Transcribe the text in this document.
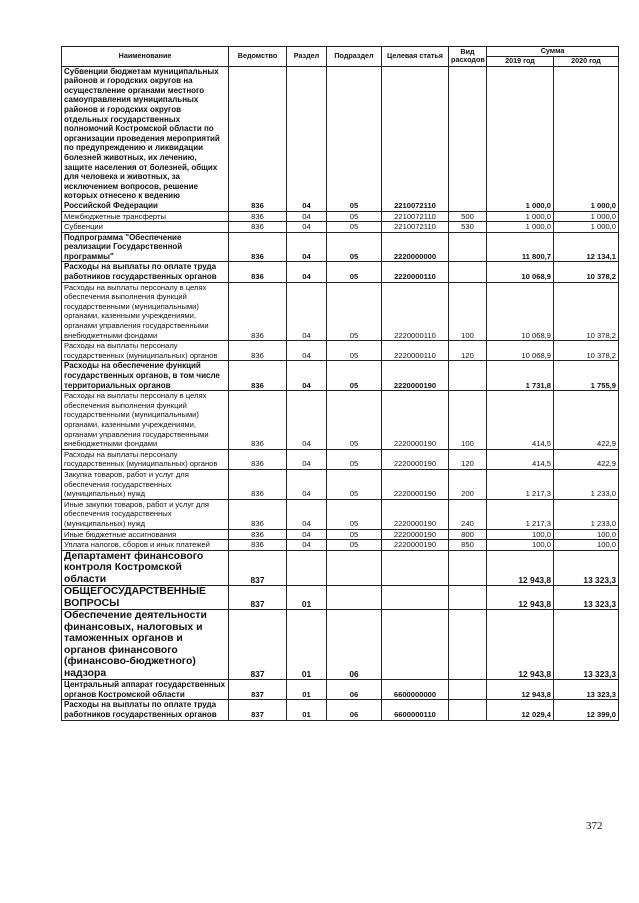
Наименование	Ведомство	Раздел	Подраздел	Целевая статья	Вид расходов	Сумма	
						2019 год	2020 год
Субвенции бюджетам муниципальных районов и городских округов на осуществление органами местного самоуправления муниципальных районов и городских округов отдельных государственных полномочий Костромской области по организации проведения мероприятий по предупреждению и ликвидации болезней животных, их лечению, защите населения от болезней, общих для человека и животных, за исключением вопросов, решение которых отнесено к ведению Российской Федерации	836	04	05	2210072110		1 000,0	1 000,0
Межбюджетные трансферты	836	04	05	2210072110	500	1 000,0	1 000,0
Субвенции	836	04	05	2210072110	530	1 000,0	1 000,0
Подпрограмма "Обеспечение реализации Государственной программы"	836	04	05	2220000000		11 800,7	12 134,1
Расходы на выплаты по оплате труда работников государственных органов	836	04	05	2220000110		10 068,9	10 378,2
Расходы на выплаты персоналу в целях обеспечения выполнения функций государственными (муниципальными) органами, казенными учреждениями, органами управления государственными внебюджетными фондами	836	04	05	2220000110	100	10 068,9	10 378,2
Расходы на выплаты персоналу государственных (муниципальных) органов	836	04	05	2220000110	120	10 068,9	10 378,2
Расходы на обеспечение функций государственных органов, в том числе территориальных органов	836	04	05	2220000190		1 731,8	1 755,9
Расходы на выплаты персоналу в целях обеспечения выполнения функций государственными (муниципальными) органами, казенными учреждениями, органами управления государственными внебюджетными фондами	836	04	05	2220000190	100	414,5	422,9
Расходы на выплаты персоналу государственных (муниципальных) органов	836	04	05	2220000190	120	414,5	422,9
Закупка товаров, работ и услуг для обеспечения государственных (муниципальных) нужд	836	04	05	2220000190	200	1 217,3	1 233,0
Иные закупки товаров, работ и услуг для обеспечения государственных (муниципальных) нужд	836	04	05	2220000190	240	1 217,3	1 233,0
Иные бюджетные ассигнования	836	04	05	2220000190	800	100,0	100,0
Уплата налогов, сборов и иных платежей	836	04	05	2220000190	850	100,0	100,0
Департамент финансового контроля Костромской области	837					12 943,8	13 323,3
ОБЩЕГОСУДАРСТВЕННЫЕ ВОПРОСЫ	837	01				12 943,8	13 323,3
Обеспечение деятельности финансовых, налоговых и таможенных органов и органов финансового (финансово-бюджетного) надзора	837	01	06			12 943,8	13 323,3
Центральный аппарат государственных органов Костромской области	837	01	06	6600000000		12 943,8	13 323,3
Расходы на выплаты по оплате труда работников государственных органов	837	01	06	6600000110		12 029,4	12 399,0
372
